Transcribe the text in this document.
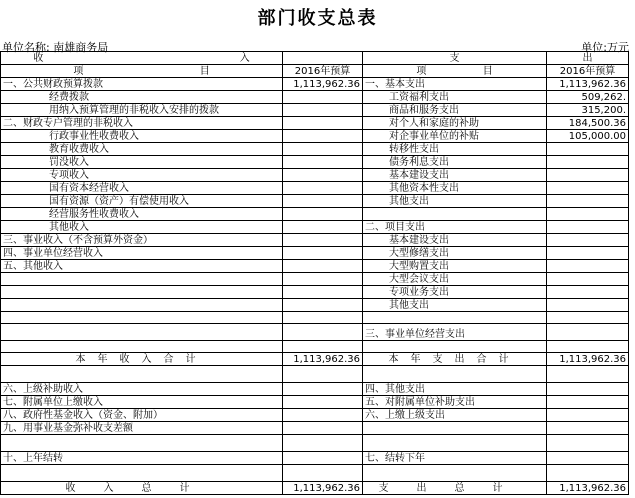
部门收支总表
单位名称: 南雄商务局	单位:万元
收 入		支	出
项 目	2016年预算	项 目	2016年预算
一、公共财政预算拨款	1,113,962.36	一、基本支出	1,113,962.36
经费拨款		工资福利支出	509,262.
用纳入预算管理的非税收入安排的拨款		商品和服务支出	315,200.
二、财政专户管理的非税收入		对个人和家庭的补助	184,500.36
行政事业性收费收入		对企事业单位的补贴	105,000.00
教育收费收入		转移性支出	
罚没收入		债务利息支出	
专项收入		基本建设支出	
国有资本经营收入		其他资本性支出	
国有资源（资产）有偿使用收入		其他支出	
经营服务性收费收入			
其他收入		二、项目支出	
三、事业收入（不含预算外资金）		基本建设支出	
四、事业单位经营收入		大型修缮支出	
五、其他收入		大型购置支出	
		大型会议支出	
		专项业务支出	
		其他支出	

		三、事业单位经营支出	

本年收入合计	1,113,962.36	本年支出合计	1,113,962.36

六、上级补助收入		四、其他支出	
七、附属单位上缴收入		五、对附属单位补助支出	
八、政府性基金收入（资金、附加）		六、上缴上级支出	
九、用事业基金弥补收支差额			

十、上年结转		七、结转下年	

收入总计	1,113,962.36	支出总计	1,113,962.36
